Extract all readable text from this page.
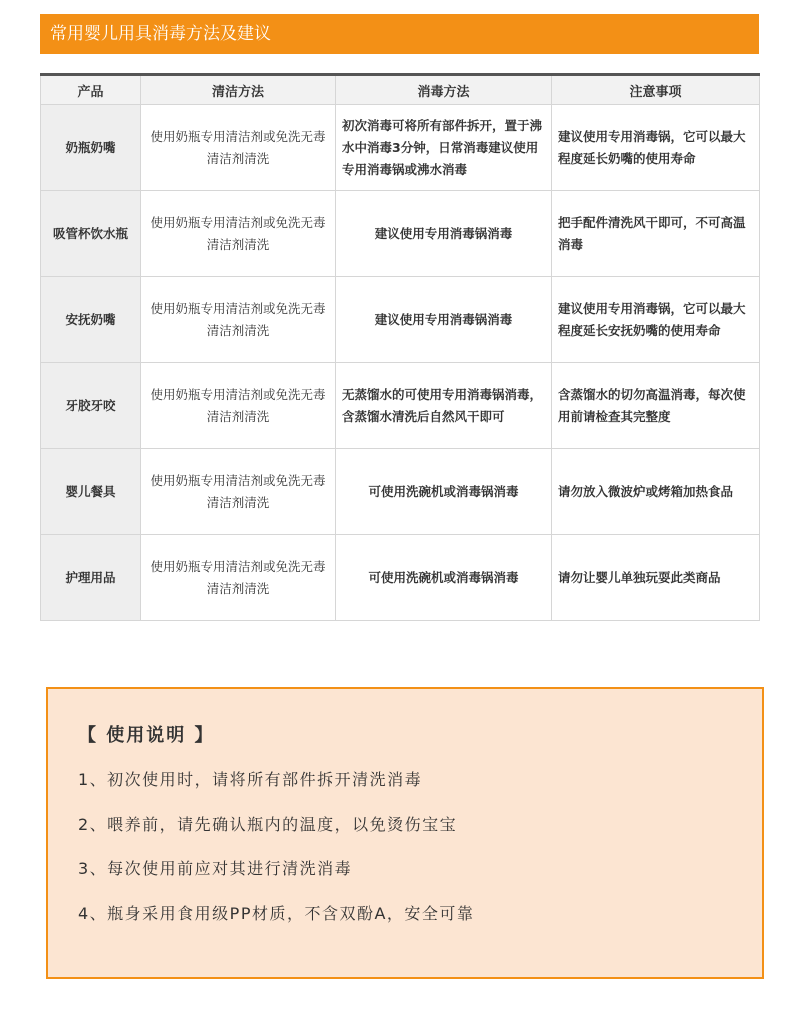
常用婴儿用具消毒方法及建议
产品	清洁方法	消毒方法	注意事项
奶瓶奶嘴	使用奶瓶专用清洁剂或免洗无毒清洁剂清洗	初次消毒可将所有部件拆开，置于沸水中消毒3分钟，日常消毒建议使用专用消毒锅或沸水消毒	建议使用专用消毒锅，它可以最大程度延长奶嘴的使用寿命
吸管杯饮水瓶	使用奶瓶专用清洁剂或免洗无毒清洁剂清洗	建议使用专用消毒锅消毒	把手配件清洗风干即可，不可高温消毒
安抚奶嘴	使用奶瓶专用清洁剂或免洗无毒清洁剂清洗	建议使用专用消毒锅消毒	建议使用专用消毒锅，它可以最大程度延长安抚奶嘴的使用寿命
牙胶牙咬	使用奶瓶专用清洁剂或免洗无毒清洁剂清洗	无蒸馏水的可使用专用消毒锅消毒，含蒸馏水清洗后自然风干即可	含蒸馏水的切勿高温消毒，每次使用前请检查其完整度
婴儿餐具	使用奶瓶专用清洁剂或免洗无毒清洁剂清洗	可使用洗碗机或消毒锅消毒	请勿放入微波炉或烤箱加热食品
护理用品	使用奶瓶专用清洁剂或免洗无毒清洁剂清洗	可使用洗碗机或消毒锅消毒	请勿让婴儿单独玩耍此类商品
【 使用说明 】
1、初次使用时，请将所有部件拆开清洗消毒
2、喂养前，请先确认瓶内的温度，以免烫伤宝宝
3、每次使用前应对其进行清洗消毒
4、瓶身采用食用级PP材质，不含双酚A，安全可靠
